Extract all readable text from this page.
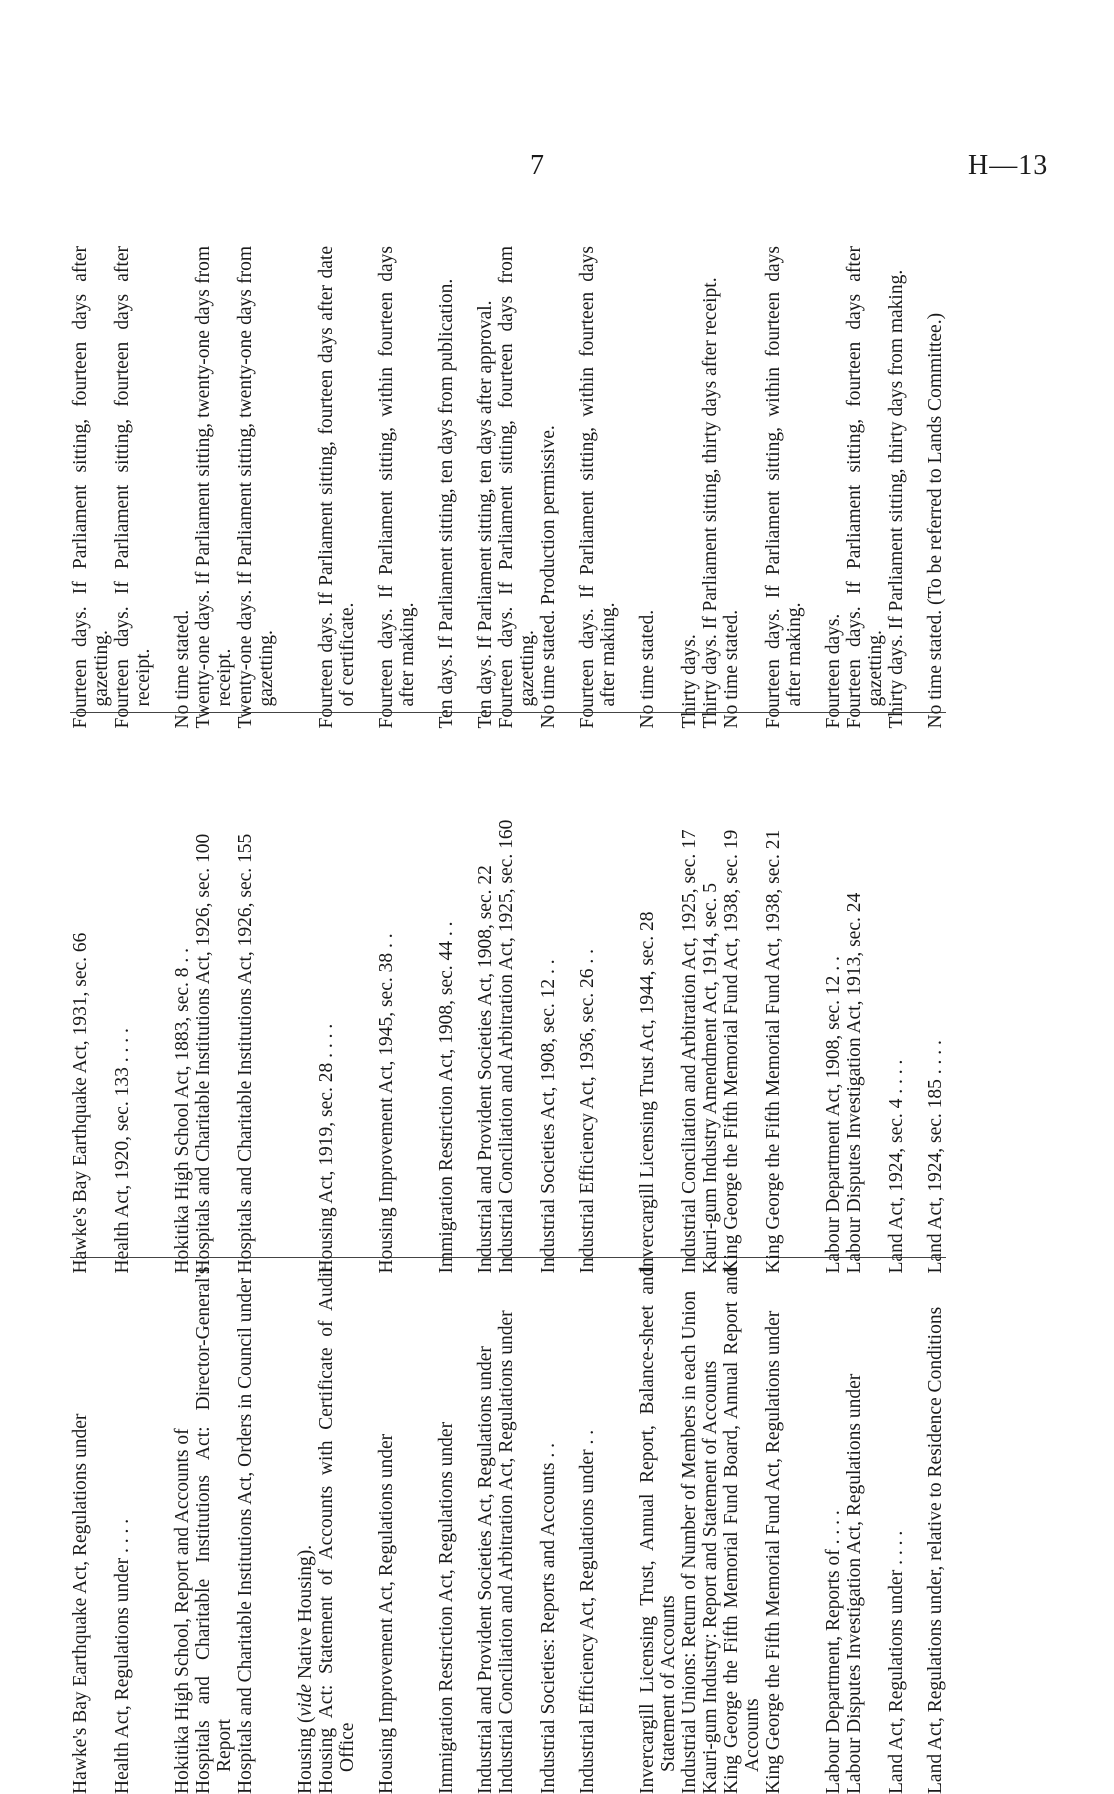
7	H—13
Hawke's Bay Earthquake Act, Regulations under	Hawke's Bay Earthquake Act, 1931, sec. 66	Fourteen days. If Parliament sitting, fourteen days after gazetting.
Health Act, Regulations under . . . .	Health Act, 1920, sec. 133 . . . .	Fourteen days. If Parliament sitting, fourteen days after receipt.

Hokitika High School, Report and Accounts of	Hokitika High School Act, 1883, sec. 8 . .	No time stated.
Hospitals and Charitable Institutions Act: Director-General's Report	Hospitals and Charitable Institutions Act, 1926, sec. 100	Twenty-one days. If Parliament sitting, twenty-one days from receipt.
Hospitals and Charitable Institutions Act, Orders in Council under	Hospitals and Charitable Institutions Act, 1926, sec. 155	Twenty-one days. If Parliament sitting, twenty-one days from gazetting.

Housing (vide Native Housing).		
Housing Act: Statement of Accounts with Certificate of Audit Office	Housing Act, 1919, sec. 28 . . . .	Fourteen days. If Parliament sitting, fourteen days after date of certificate.

Housing Improvement Act, Regulations under	Housing Improvement Act, 1945, sec. 38 . .	Fourteen days. If Parliament sitting, within fourteen days after making.

Immigration Restriction Act, Regulations under	Immigration Restriction Act, 1908, sec. 44 . .	Ten days. If Parliament sitting, ten days from publication.

Industrial and Provident Societies Act, Regulations under	Industrial and Provident Societies Act, 1908, sec. 22	Ten days. If Parliament sitting, ten days after approval.
Industrial Conciliation and Arbitration Act, Regulations under	Industrial Conciliation and Arbitration Act, 1925, sec. 160	Fourteen days. If Parliament sitting, fourteen days from gazetting.
Industrial Societies: Reports and Accounts . .	Industrial Societies Act, 1908, sec. 12 . .	No time stated. Production permissive.

Industrial Efficiency Act, Regulations under . .	Industrial Efficiency Act, 1936, sec. 26 . .	Fourteen days. If Parliament sitting, within fourteen days after making.

Invercargill Licensing Trust, Annual Report, Balance-sheet and Statement of Accounts	Invercargill Licensing Trust Act, 1944, sec. 28	No time stated.
Industrial Unions: Return of Number of Members in each Union	Industrial Conciliation and Arbitration Act, 1925, sec. 17	Thirty days.
Kauri-gum Industry: Report and Statement of Accounts	Kauri-gum Industry Amendment Act, 1914, sec. 5	Thirty days. If Parliament sitting, thirty days after receipt.
King George the Fifth Memorial Fund Board, Annual Report and Accounts	King George the Fifth Memorial Fund Act, 1938, sec. 19	No time stated.
King George the Fifth Memorial Fund Act, Regulations under	King George the Fifth Memorial Fund Act, 1938, sec. 21	Fourteen days. If Parliament sitting, within fourteen days after making.

Labour Department, Reports of . . . .	Labour Department Act, 1908, sec. 12 . .	Fourteen days.
Labour Disputes Investigation Act, Regulations under	Labour Disputes Investigation Act, 1913, sec. 24	Fourteen days. If Parliament sitting, fourteen days after gazetting.
Land Act, Regulations under . . . .	Land Act, 1924, sec. 4 . . . .	Thirty days. If Parliament sitting, thirty days from making.

Land Act, Regulations under, relative to Residence Conditions	Land Act, 1924, sec. 185 . . . .	No time stated. (To be referred to Lands Committee.)
